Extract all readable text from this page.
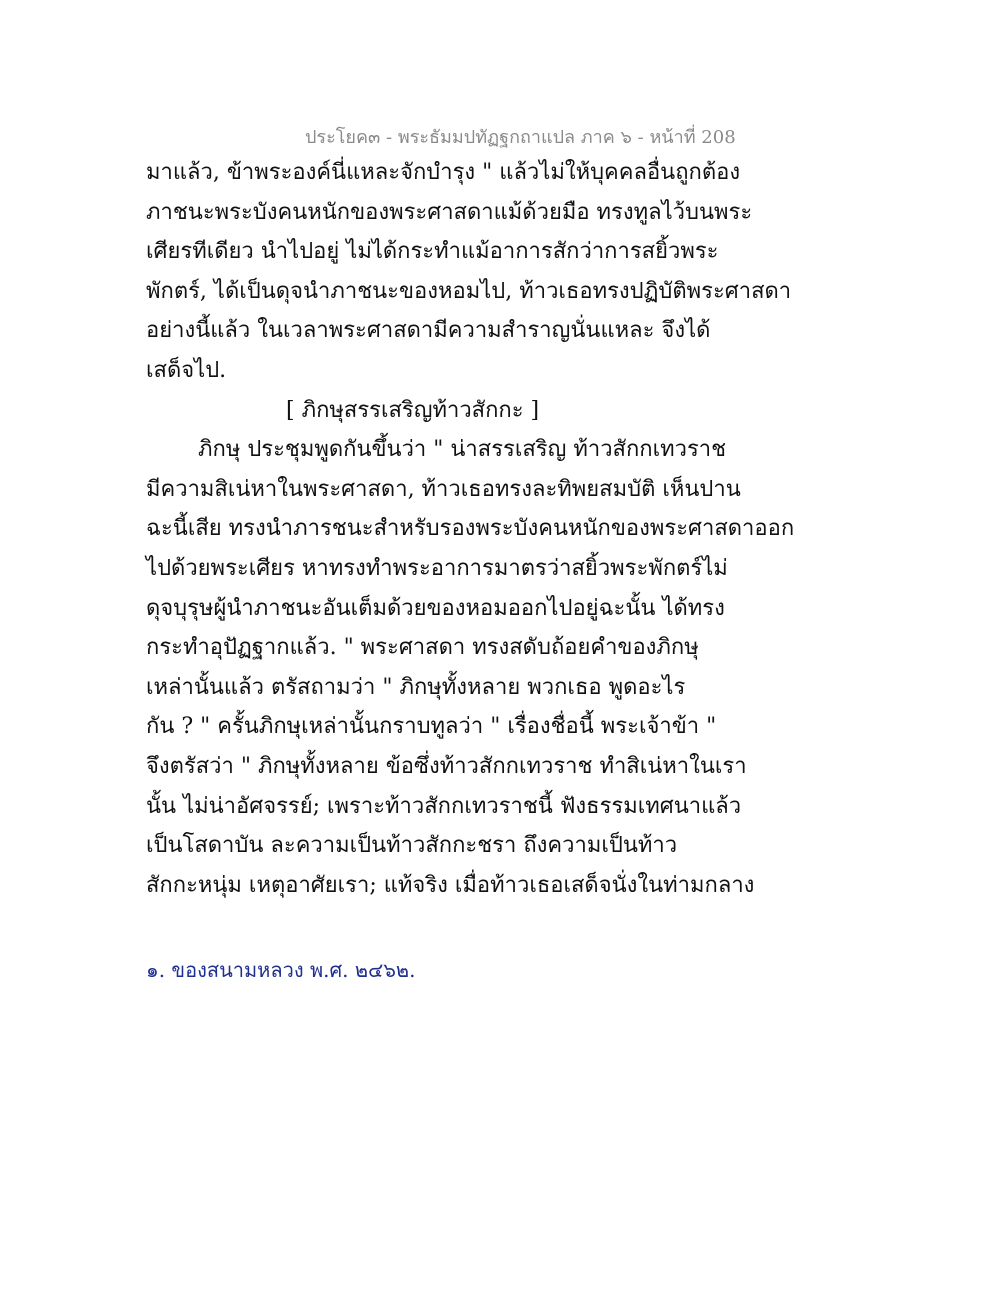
ประโยค๓ - พระธัมมปทัฏฐกถาแปล ภาค ๖ - หน้าที่ 208
มาแล้ว, ข้าพระองค์นี่แหละจักบำรุง " แล้วไม่ให้บุคคลอื่นถูกต้อง
ภาชนะพระบังคนหนักของพระศาสดาแม้ด้วยมือ ทรงทูลไว้บนพระ
เศียรทีเดียว นำไปอยู่ ไม่ได้กระทำแม้อาการสักว่าการสยิ้วพระ
พักตร์, ได้เป็นดุจนำภาชนะของหอมไป, ท้าวเธอทรงปฏิบัติพระศาสดา
อย่างนี้แล้ว ในเวลาพระศาสดามีความสำราญนั่นแหละ จึงได้
เสด็จไป.
[ ภิกษุสรรเสริญท้าวสักกะ ]
ภิกษุ ประชุมพูดกันขึ้นว่า " น่าสรรเสริญ ท้าวสักกเทวราช
มีความสิเน่หาในพระศาสดา, ท้าวเธอทรงละทิพยสมบัติ เห็นปาน
ฉะนี้เสีย ทรงนำภารชนะสำหรับรองพระบังคนหนักของพระศาสดาออก
ไปด้วยพระเศียร หาทรงทำพระอาการมาตรว่าสยิ้วพระพักตร์ไม่
ดุจบุรุษผู้นำภาชนะอันเต็มด้วยของหอมออกไปอยู่ฉะนั้น ได้ทรง
กระทำอุปัฏฐากแล้ว. " พระศาสดา ทรงสดับถ้อยคำของภิกษุ
เหล่านั้นแล้ว ตรัสถามว่า " ภิกษุทั้งหลาย พวกเธอ พูดอะไร
กัน ? " ครั้นภิกษุเหล่านั้นกราบทูลว่า " เรื่องชื่อนี้ พระเจ้าข้า "
จึงตรัสว่า " ภิกษุทั้งหลาย ข้อซึ่งท้าวสักกเทวราช ทำสิเน่หาในเรา
นั้น ไม่น่าอัศจรรย์; เพราะท้าวสักกเทวราชนี้ ฟังธรรมเทศนาแล้ว
เป็นโสดาบัน ละความเป็นท้าวสักกะชรา ถึงความเป็นท้าว
สักกะหนุ่ม เหตุอาศัยเรา; แท้จริง เมื่อท้าวเธอเสด็จนั่งในท่ามกลาง
๑. ของสนามหลวง พ.ศ. ๒๔๖๒.
